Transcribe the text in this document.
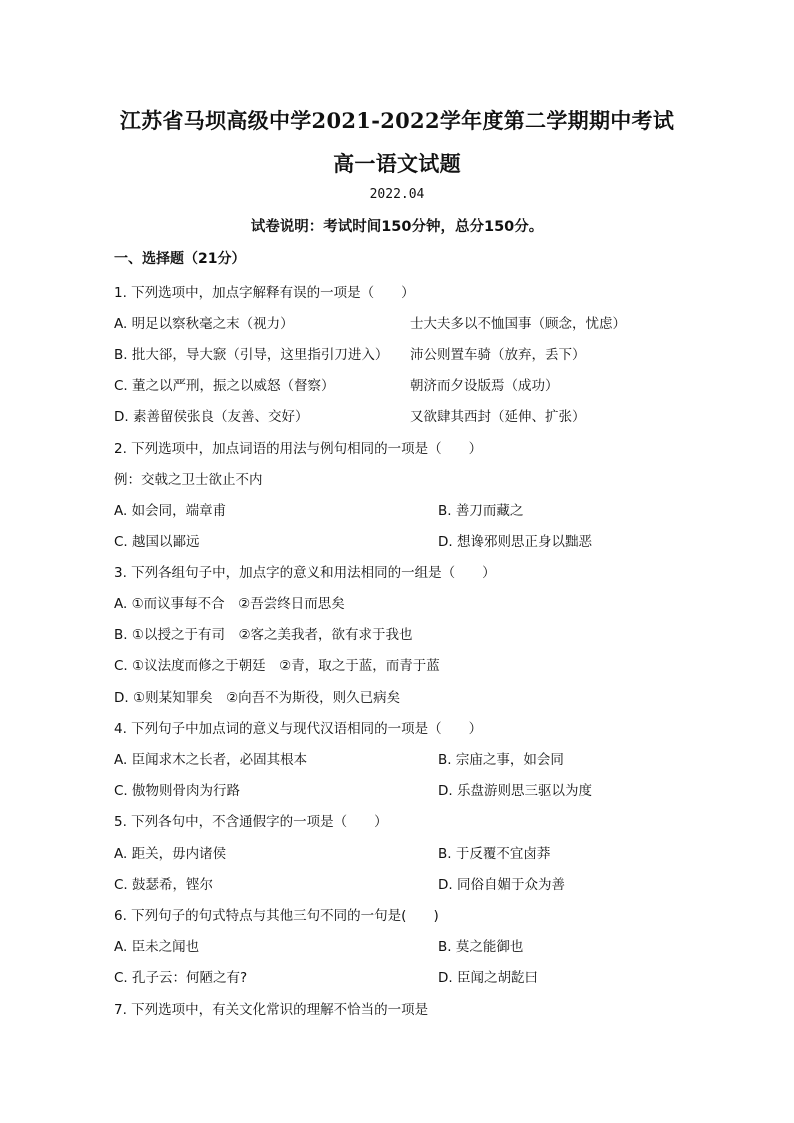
江苏省马坝高级中学2021-2022学年度第二学期期中考试
高一语文试题
2022.04
试卷说明：考试时间150分钟，总分150分。
一、选择题（21分）
1. 下列选项中，加点字解释有误的一项是（　　）
A. 明足以察秋毫之末（视力）	士大夫多以不恤国事（顾念，忧虑）
B. 批大郤，导大窾（引导，这里指引刀进入） 沛公则置车骑（放弃，丢下）
C. 董之以严刑，振之以威怒（督察）	朝济而夕设版焉（成功）
D. 素善留侯张良（友善、交好）	又欲肆其西封（延伸、扩张）
2. 下列选项中，加点词语的用法与例句相同的一项是（　　）
例：交戟之卫士欲止不内
A. 如会同，端章甫	B. 善刀而藏之
C. 越国以鄙远	D. 想谗邪则思正身以黜恶
3. 下列各组句子中，加点字的意义和用法相同的一组是（　　）
A. ①而议事每不合　②吾尝终日而思矣
B. ①以授之于有司　②客之美我者，欲有求于我也
C. ①议法度而修之于朝廷　②青，取之于蓝，而青于蓝
D. ①则某知罪矣　②向吾不为斯役，则久已病矣
4. 下列句子中加点词的意义与现代汉语相同的一项是（　　）
A. 臣闻求木之长者，必固其根本	B. 宗庙之事，如会同
C. 傲物则骨肉为行路	D. 乐盘游则思三驱以为度
5. 下列各句中，不含通假字的一项是（　　）
A. 距关，毋内诸侯	B. 于反覆不宜卤莽
C. 鼓瑟希，铿尔	D. 同俗自媚于众为善
6. 下列句子的句式特点与其他三句不同的一句是(　　)
A. 臣未之闻也	B. 莫之能御也
C. 孔子云：何陋之有?	D. 臣闻之胡龁曰
7. 下列选项中，有关文化常识的理解不恰当的一项是
